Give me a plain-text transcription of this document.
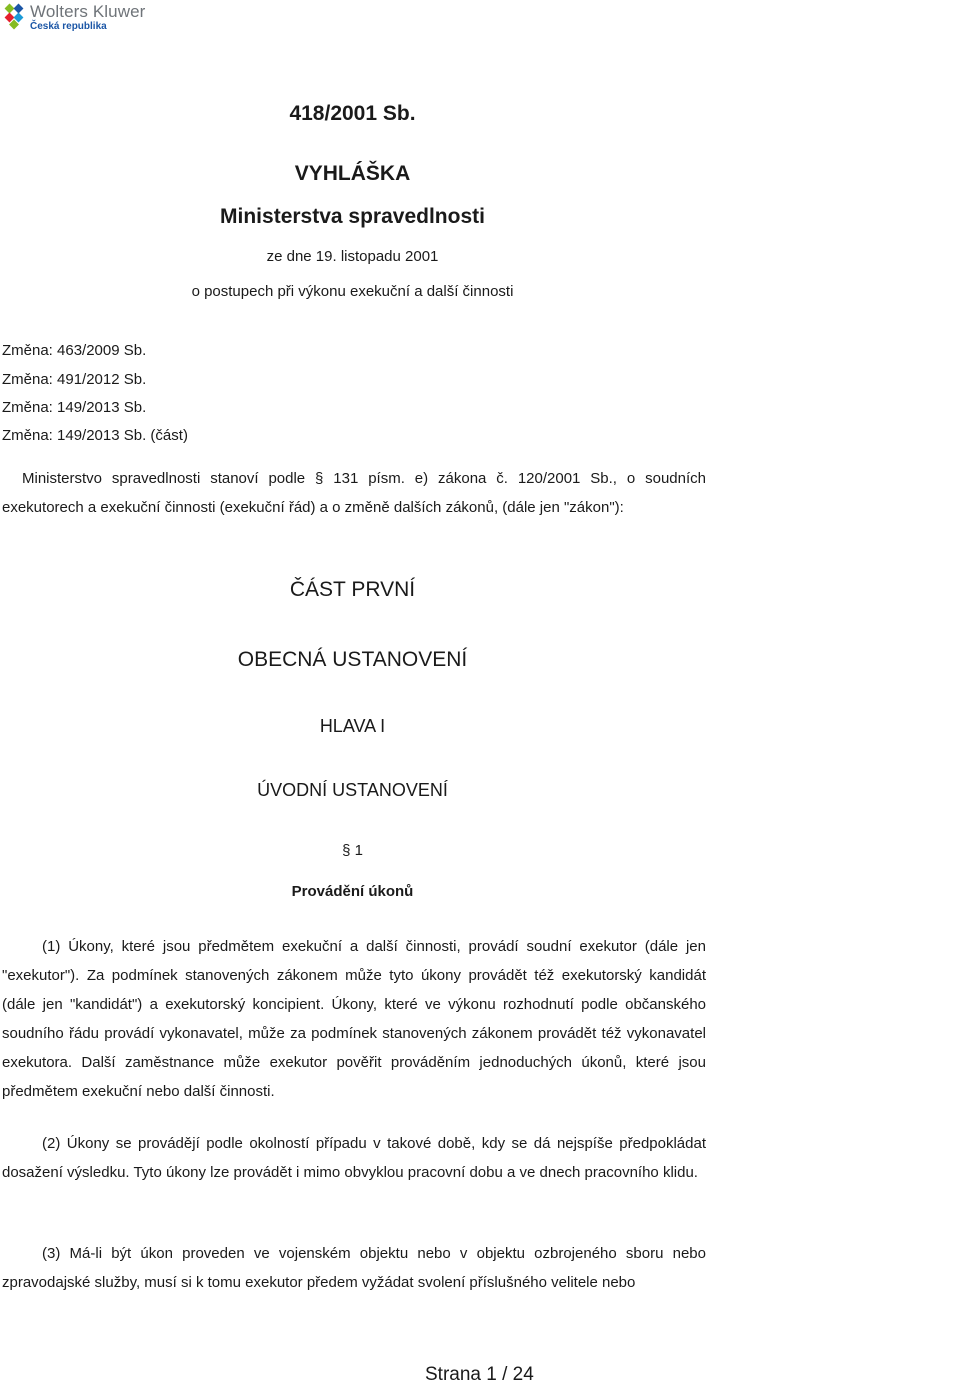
Wolters Kluwer
Česká republika
418/2001 Sb.
VYHLÁŠKA
Ministerstva spravedlnosti
ze dne 19. listopadu 2001
o postupech při výkonu exekuční a další činnosti
Změna: 463/2009 Sb.
Změna: 491/2012 Sb.
Změna: 149/2013 Sb.
Změna: 149/2013 Sb. (část)
Ministerstvo spravedlnosti stanoví podle § 131 písm. e) zákona č. 120/2001 Sb., o soudních exekutorech a exekuční činnosti (exekuční řád) a o změně dalších zákonů, (dále jen "zákon"):
ČÁST PRVNÍ
OBECNÁ USTANOVENÍ
HLAVA I
ÚVODNÍ USTANOVENÍ
§ 1
Provádění úkonů
(1) Úkony, které jsou předmětem exekuční a další činnosti, provádí soudní exekutor (dále jen "exekutor"). Za podmínek stanovených zákonem může tyto úkony provádět též exekutorský kandidát (dále jen "kandidát") a exekutorský koncipient. Úkony, které ve výkonu rozhodnutí podle občanského soudního řádu provádí vykonavatel, může za podmínek stanovených zákonem provádět též vykonavatel exekutora. Další zaměstnance může exekutor pověřit prováděním jednoduchých úkonů, které jsou předmětem exekuční nebo další činnosti.
(2) Úkony se provádějí podle okolností případu v takové době, kdy se dá nejspíše předpokládat dosažení výsledku. Tyto úkony lze provádět i mimo obvyklou pracovní dobu a ve dnech pracovního klidu.
(3) Má-li být úkon proveden ve vojenském objektu nebo v objektu ozbrojeného sboru nebo zpravodajské služby, musí si k tomu exekutor předem vyžádat svolení příslušného velitele nebo
Strana 1 / 24
